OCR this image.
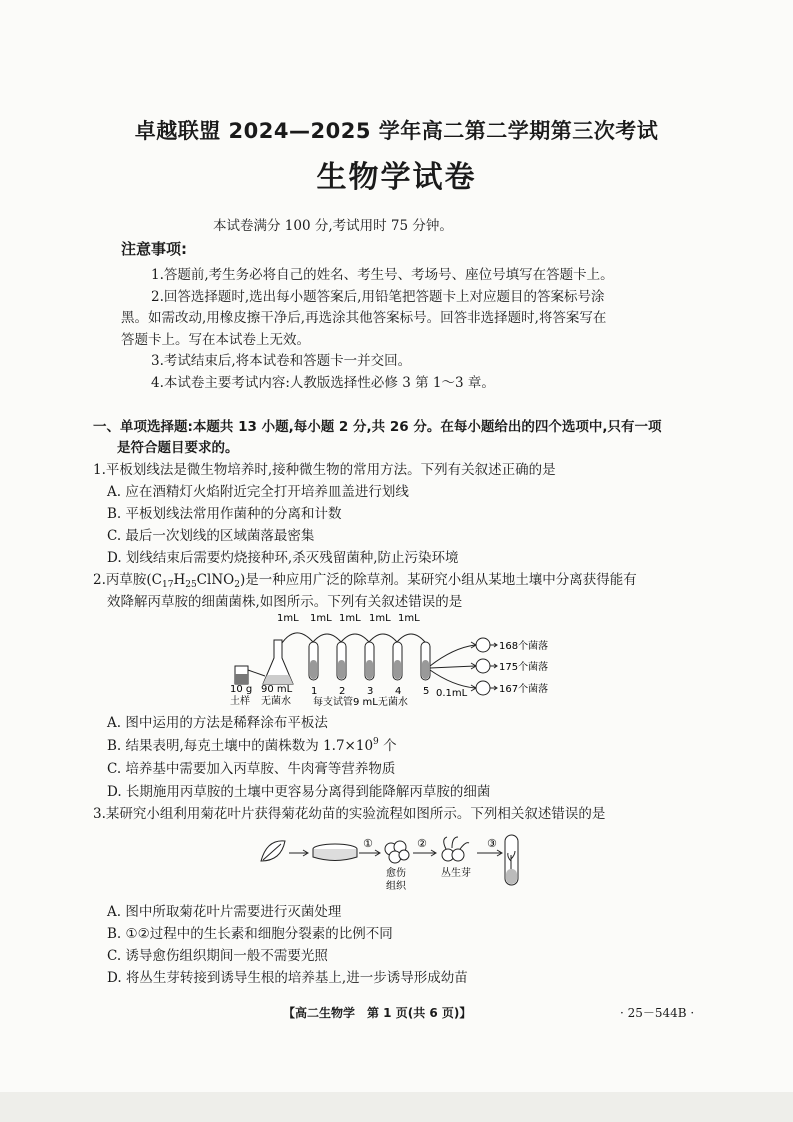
卓越联盟 2024—2025 学年高二第二学期第三次考试
生物学试卷
本试卷满分 100 分,考试用时 75 分钟。
注意事项:
1.答题前,考生务必将自己的姓名、考生号、考场号、座位号填写在答题卡上。
2.回答选择题时,选出每小题答案后,用铅笔把答题卡上对应题目的答案标号涂
黑。如需改动,用橡皮擦干净后,再选涂其他答案标号。回答非选择题时,将答案写在
答题卡上。写在本试卷上无效。
3.考试结束后,将本试卷和答题卡一并交回。
4.本试卷主要考试内容:人教版选择性必修 3 第 1～3 章。
一、单项选择题:本题共 13 小题,每小题 2 分,共 26 分。在每小题给出的四个选项中,只有一项
是符合题目要求的。
1.平板划线法是微生物培养时,接种微生物的常用方法。下列有关叙述正确的是
A. 应在酒精灯火焰附近完全打开培养皿盖进行划线
B. 平板划线法常用作菌种的分离和计数
C. 最后一次划线的区域菌落最密集
D. 划线结束后需要灼烧接种环,杀灭残留菌种,防止污染环境
2.丙草胺$(C_{17}H_{25}ClNO_2)$是一种应用广泛的除草剂。某研究小组从某地土壤中分离获得能有
效降解丙草胺的细菌菌株,如图所示。下列有关叙述错误的是
1mL 1mL 1mL 1mL 1mL
1 2 3 4 5
10 g
土样
90 mL
无菌水 每支试管9 mL无菌水
168个菌落
175个菌落
167个菌落
0.1mL
A. 图中运用的方法是稀释涂布平板法
B. 结果表明,每克土壤中的菌株数为 $1.7\times 10^9$ 个
C. 培养基中需要加入丙草胺、牛肉膏等营养物质
D. 长期施用丙草胺的土壤中更容易分离得到能降解丙草胺的细菌
3.某研究小组利用菊花叶片获得菊花幼苗的实验流程如图所示。下列相关叙述错误的是
①
愈伤
组织
②
丛生芽
③
A. 图中所取菊花叶片需要进行灭菌处理
B. ①②过程中的生长素和细胞分裂素的比例不同
C. 诱导愈伤组织期间一般不需要光照
D. 将丛生芽转接到诱导生根的培养基上,进一步诱导形成幼苗
【高二生物学　第 1 页(共 6 页)】	· 25－544B ·
